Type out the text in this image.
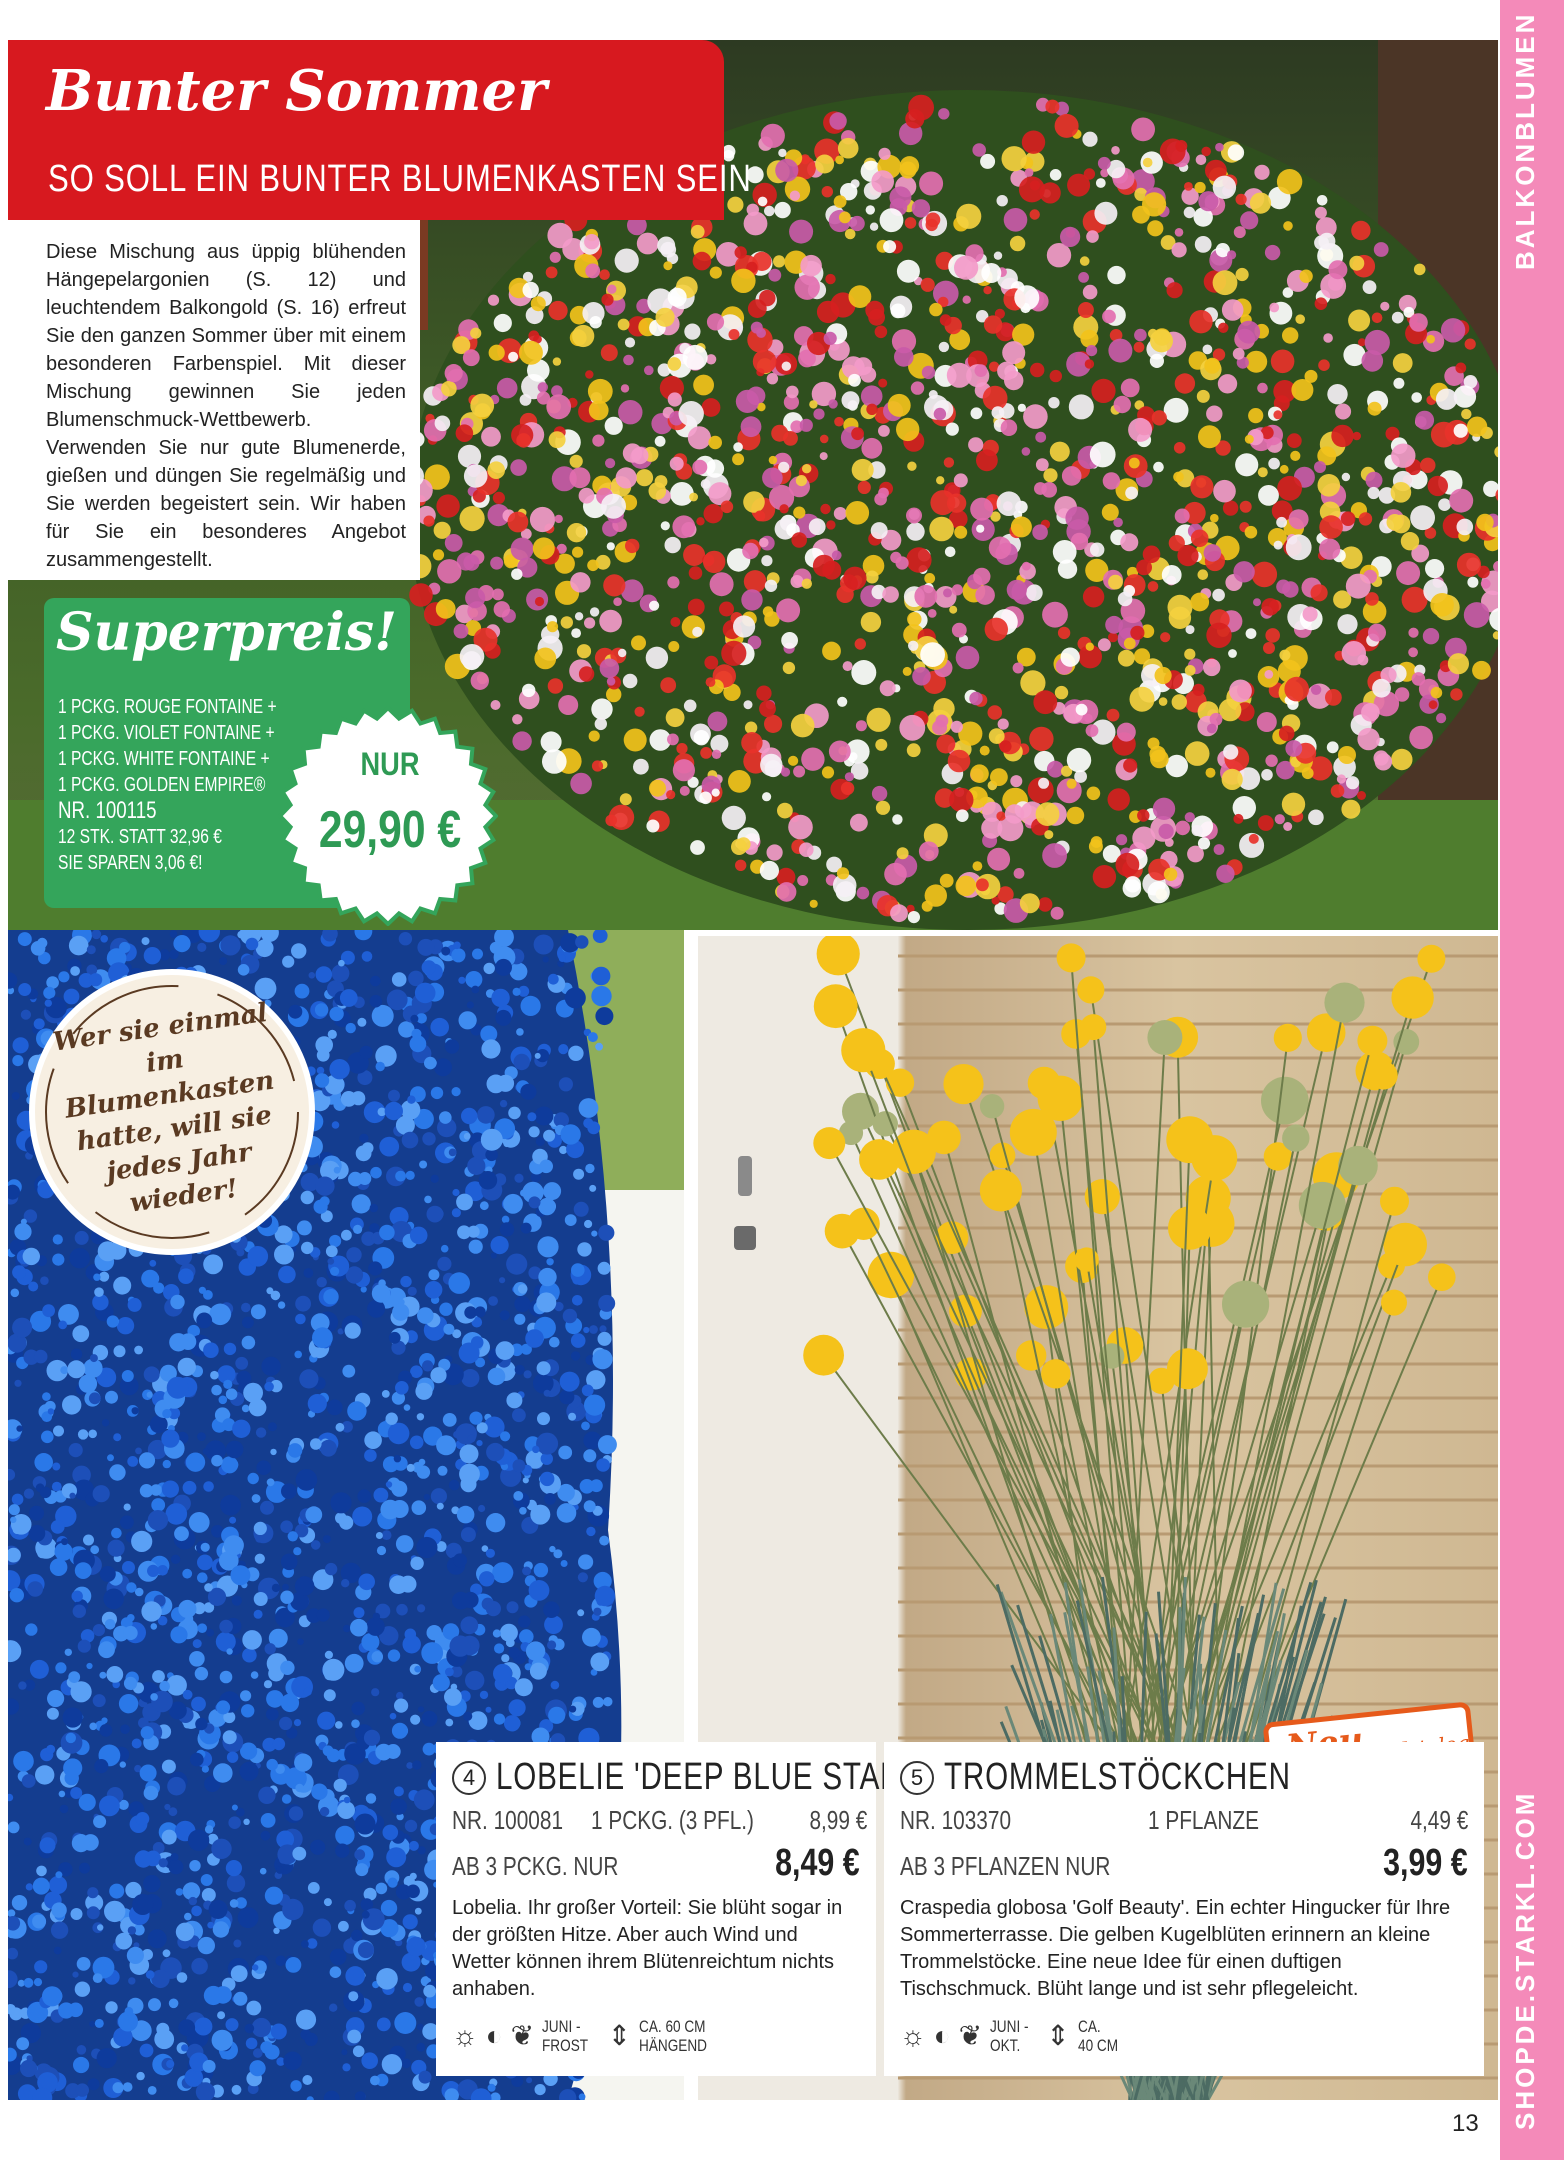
Bunter Sommer
SO SOLL EIN BUNTER BLUMENKASTEN SEIN

Diese Mischung aus üppig blühenden Hängepelargonien (S. 12) und leuchtendem Balkongold (S. 16) erfreut Sie den ganzen Sommer über mit einem besonderen Farbenspiel. Mit dieser Mischung gewinnen Sie jeden Blumenschmuck-Wettbewerb. Verwenden Sie nur gute Blumenerde, gießen und düngen Sie regelmäßig und Sie werden begeistert sein. Wir haben für Sie ein besonderes Angebot zusammengestellt.

Superpreis!
1 PCKG. ROUGE FONTAINE +
1 PCKG. VIOLET FONTAINE +
1 PCKG. WHITE FONTAINE +
1 PCKG. GOLDEN EMPIRE®
NR. 100115
12 STK. STATT 32,96 €
SIE SPAREN 3,06 €!
NUR
29,90 €
Wer sie einmal im Blumenkasten hatte, will sie jedes Jahr wieder!
4 LOBELIE 'DEEP BLUE STAR'
NR. 100081 1 PCKG. (3 PFL.) 8,99 €
AB 3 PCKG. NUR	8,49 €

Lobelia. Ihr großer Vorteil: Sie blüht sogar in der größten Hitze. Aber auch Wind und Wetter können ihrem Blütenreichtum nichts anhaben.

☼ ◐ ❦ JUNI -
FROST ⇕ CA. 60 CM
HÄNGEND
5 TROMMELSTÖCKCHEN
NR. 103370	1 PFLANZE	4,49 €
AB 3 PFLANZEN NUR	3,99 €

Craspedia globosa 'Golf Beauty'. Ein echter Hingucker für Ihre Sommerterrasse. Die gelben Kugelblüten erinnern an kleine Trommelstöcke. Eine neue Idee für einen duftigen Tischschmuck. Blüht lange und ist sehr pflegeleicht.

☼ ◐ ❦ JUNI -
OKT. ⇕ CA.
40 CM
BALKONBLUMEN
SHOPDE.STARKL.COM
13
